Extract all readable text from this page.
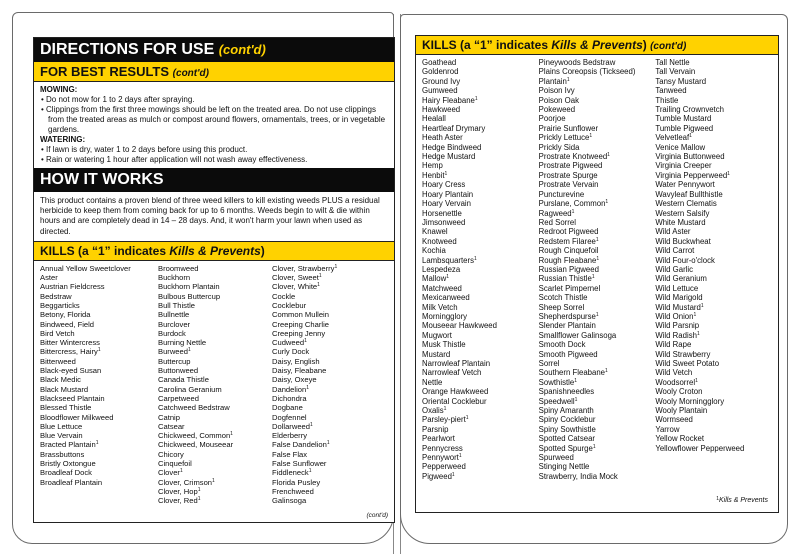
DIRECTIONS FOR USE (cont'd)
FOR BEST RESULTS (cont'd)
MOWING:
• Do not mow for 1 to 2 days after spraying.
• Clippings from the first three mowings should be left on the treated area. Do not use clippings from the treated areas as mulch or compost around flowers, ornamentals, trees, or in vegetable gardens.
WATERING:
• If lawn is dry, water 1 to 2 days before using this product.
• Rain or watering 1 hour after application will not wash away effectiveness.
HOW IT WORKS
This product contains a proven blend of three weed killers to kill existing weeds PLUS a residual herbicide to keep them from coming back for up to 6 months. Weeds begin to wilt & die within hours and are completely dead in 14 – 28 days. And, it won't harm your lawn when used as directed.
KILLS (a “1” indicates Kills & Prevents)
Annual Yellow Sweetclover
Aster
Austrian Fieldcress
Bedstraw
Beggarticks
Betony, Florida
Bindweed, Field
Bird Vetch
Bitter Wintercress
Bittercress, Hairy$^1$
Bitterweed
Black-eyed Susan
Black Medic
Black Mustard
Blackseed Plantain
Blessed Thistle
Bloodflower Milkweed
Blue Lettuce
Blue Vervain
Bracted Plantain$^1$
Brassbuttons
Bristly Oxtongue
Broadleaf Dock
Broadleaf Plantain
Broomweed
Buckhorn
Buckhorn Plantain
Bulbous Buttercup
Bull Thistle
Bullnettle
Burclover
Burdock
Burning Nettle
Burweed$^1$
Buttercup
Buttonweed
Canada Thistle
Carolina Geranium
Carpetweed
Catchweed Bedstraw
Catnip
Catsear
Chickweed, Common$^1$
Chickweed, Mouseear
Chicory
Cinquefoil
Clover$^1$
Clover, Crimson$^1$
Clover, Hop$^1$
Clover, Red$^1$
Clover, Strawberry$^1$
Clover, Sweet$^1$
Clover, White$^1$
Cockle
Cocklebur
Common Mullein
Creeping Charlie
Creeping Jenny
Cudweed$^1$
Curly Dock
Daisy, English
Daisy, Fleabane
Daisy, Oxeye
Dandelion$^1$
Dichondra
Dogbane
Dogfennel
Dollarweed$^1$
Elderberry
False Dandelion$^1$
False Flax
False Sunflower
Fiddleneck$^1$
Florida Pusley
Frenchweed
Galinsoga
(cont'd)
KILLS (a “1” indicates Kills & Prevents) (cont'd)
Goathead
Goldenrod
Ground Ivy
Gumweed
Hairy Fleabane$^1$
Hawkweed
Healall
Heartleaf Drymary
Heath Aster
Hedge Bindweed
Hedge Mustard
Hemp
Henbit$^1$
Hoary Cress
Hoary Plantain
Hoary Vervain
Horsenettle
Jimsonweed
Knawel
Knotweed
Kochia
Lambsquarters$^1$
Lespedeza
Mallow$^1$
Matchweed
Mexicanweed
Milk Vetch
Morningglory
Mouseear Hawkweed
Mugwort
Musk Thistle
Mustard
Narrowleaf Plantain
Narrowleaf Vetch
Nettle
Orange Hawkweed
Oriental Cocklebur
Oxalis$^1$
Parsley-piert$^1$
Parsnip
Pearlwort
Pennycress
Pennywort$^1$
Pepperweed
Pigweed$^1$
Pineywoods Bedstraw
Plains Coreopsis (Tickseed)
Plantain$^1$
Poison Ivy
Poison Oak
Pokeweed
Poorjoe
Prairie Sunflower
Prickly Lettuce$^1$
Prickly Sida
Prostrate Knotweed$^1$
Prostrate Pigweed
Prostrate Spurge
Prostrate Vervain
Puncturevine
Purslane, Common$^1$
Ragweed$^1$
Red Sorrel
Redroot Pigweed
Redstem Filaree$^1$
Rough Cinquefoil
Rough Fleabane$^1$
Russian Pigweed
Russian Thistle$^1$
Scarlet Pimpernel
Scotch Thistle
Sheep Sorrel
Shepherdspurse$^1$
Slender Plantain
Smallflower Galinsoga
Smooth Dock
Smooth Pigweed
Sorrel
Southern Fleabane$^1$
Sowthistle$^1$
Spanishneedles
Speedwell$^1$
Spiny Amaranth
Spiny Cocklebur
Spiny Sowthistle
Spotted Catsear
Spotted Spurge$^1$
Spurweed
Stinging Nettle
Strawberry, India Mock
Tall Nettle
Tall Vervain
Tansy Mustard
Tanweed
Thistle
Trailing Crownvetch
Tumble Mustard
Tumble Pigweed
Velvetleaf$^1$
Venice Mallow
Virginia Buttonweed
Virginia Creeper
Virginia Pepperweed$^1$
Water Pennywort
Wavyleaf Bullthistle
Western Clematis
Western Salsify
White Mustard
Wild Aster
Wild Buckwheat
Wild Carrot
Wild Four-o'clock
Wild Garlic
Wild Geranium
Wild Lettuce
Wild Marigold
Wild Mustard$^1$
Wild Onion$^1$
Wild Parsnip
Wild Radish$^1$
Wild Rape
Wild Strawberry
Wild Sweet Potato
Wild Vetch
Woodsorrel$^1$
Wooly Croton
Wooly Morningglory
Wooly Plantain
Wormseed
Yarrow
Yellow Rocket
Yellowflower Pepperweed
$^1$Kills & Prevents
